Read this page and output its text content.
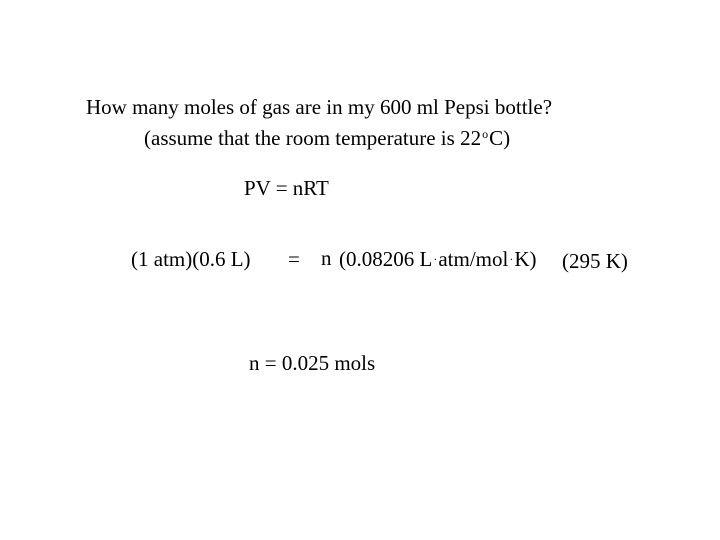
How many moles of gas are in my 600 ml Pepsi bottle?
(assume that the room temperature is 22$^o$C)
PV = nRT
(1 atm)(0.6 L) = n (0.08206 L·atm/mol·K) (295 K)
n = 0.025 mols
